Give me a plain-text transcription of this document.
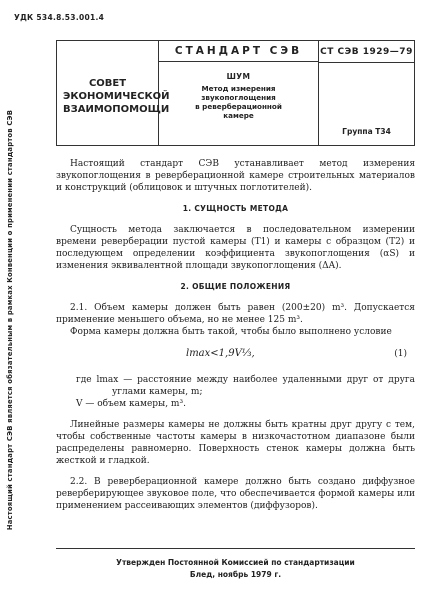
УДК 534.8.53.001.4
Настоящий стандарт СЭВ является обязательным в рамках Конвенции о применении стандартов СЭВ
СОВЕТ
ЭКОНОМИЧЕСКОЙ
ВЗАИМОПОМОЩИ
СТАНДАРТ СЭВ
ШУМ
Метод измерения
звукопоглощения
в реверберационной
камере
СТ СЭВ 1929—79
Группа Т34

Настоящий стандарт СЭВ устанавливает метод измерения звукопоглощения в реверберационной камере строительных материалов и конструкций (облицовок и штучных поглотителей).

1. СУЩНОСТЬ МЕТОДА

Сущность метода заключается в последовательном измерении времени реверберации пустой камеры (T1) и камеры с образцом (T2) и последующем определении коэффициента звукопоглощения (αS) и изменения эквивалентной площади звукопоглощения (ΔA).

2. ОБЩИЕ ПОЛОЖЕНИЯ

2.1. Объем камеры должен быть равен (200±20) m³. Допускается применение меньшего объема, но не менее 125 m³.

Форма камеры должна быть такой, чтобы было выполнено условие

lmax<1,9V⅓,	(1)
где lmax — расстояние между наиболее удаленными друг от друга углами камеры, m;
V — объем камеры, m³.

Линейные размеры камеры не должны быть кратны друг другу с тем, чтобы собственные частоты камеры в низкочастотном диапазоне были распределены равномерно. Поверхность стенок камеры должна быть жесткой и гладкой.

2.2. В реверберационной камере должно быть создано диффузное реверберирующее звуковое поле, что обеспечивается формой камеры или применением рассеивающих элементов (диффузоров).

Утвержден Постоянной Комиссией по стандартизации
Блед, ноябрь 1979 г.
